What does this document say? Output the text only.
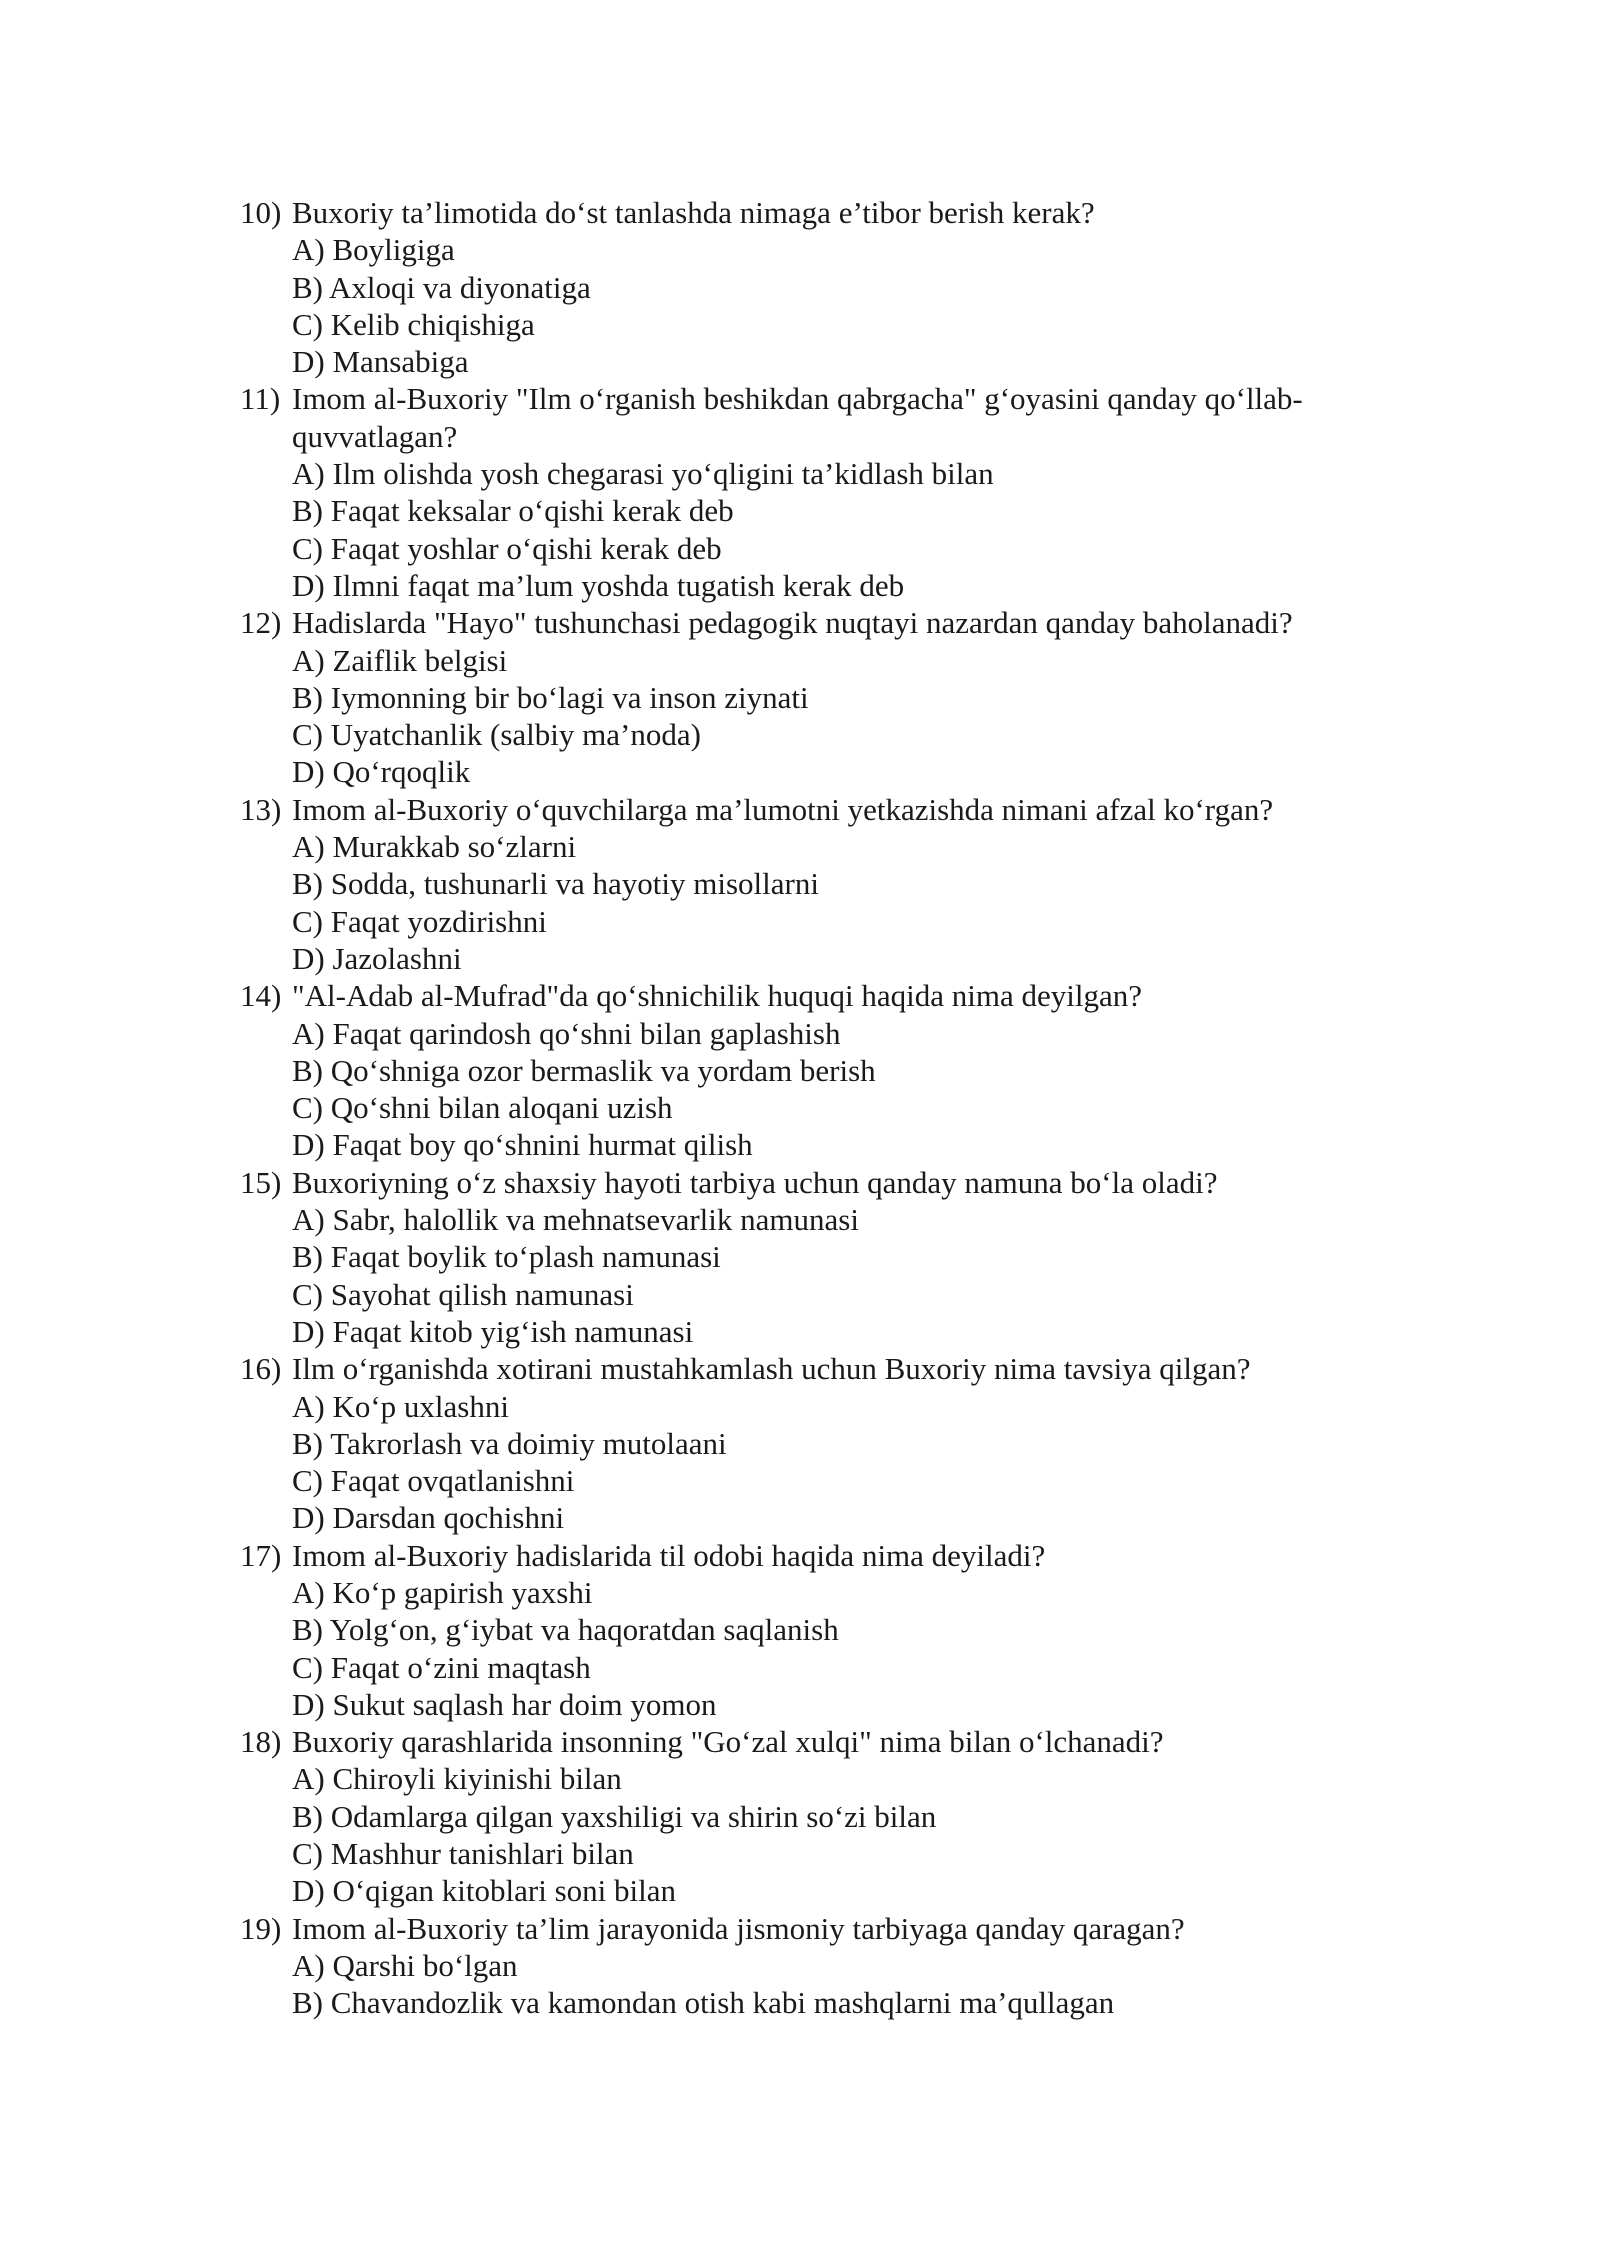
10) Buxoriy ta’limotida do‘st tanlashda nimaga e’tibor berish kerak?
A) Boyligiga
B) Axloqi va diyonatiga
C) Kelib chiqishiga
D) Mansabiga
11) Imom al-Buxoriy "Ilm o‘rganish beshikdan qabrgacha" g‘oyasini qanday qo‘llab-quvvatlagan?
A) Ilm olishda yosh chegarasi yo‘qligini ta’kidlash bilan
B) Faqat keksalar o‘qishi kerak deb
C) Faqat yoshlar o‘qishi kerak deb
D) Ilmni faqat ma’lum yoshda tugatish kerak deb
12) Hadislarda "Hayo" tushunchasi pedagogik nuqtayi nazardan qanday baholanadi?
A) Zaiflik belgisi
B) Iymonning bir bo‘lagi va inson ziynati
C) Uyatchanlik (salbiy ma’noda)
D) Qo‘rqoqlik
13) Imom al-Buxoriy o‘quvchilarga ma’lumotni yetkazishda nimani afzal ko‘rgan?
A) Murakkab so‘zlarni
B) Sodda, tushunarli va hayotiy misollarni
C) Faqat yozdirishni
D) Jazolashni
14) "Al-Adab al-Mufrad"da qo‘shnichilik huquqi haqida nima deyilgan?
A) Faqat qarindosh qo‘shni bilan gaplashish
B) Qo‘shniga ozor bermaslik va yordam berish
C) Qo‘shni bilan aloqani uzish
D) Faqat boy qo‘shnini hurmat qilish
15) Buxoriyning o‘z shaxsiy hayoti tarbiya uchun qanday namuna bo‘la oladi?
A) Sabr, halollik va mehnatsevarlik namunasi
B) Faqat boylik to‘plash namunasi
C) Sayohat qilish namunasi
D) Faqat kitob yig‘ish namunasi
16) Ilm o‘rganishda xotirani mustahkamlash uchun Buxoriy nima tavsiya qilgan?
A) Ko‘p uxlashni
B) Takrorlash va doimiy mutolaani
C) Faqat ovqatlanishni
D) Darsdan qochishni
17) Imom al-Buxoriy hadislarida til odobi haqida nima deyiladi?
A) Ko‘p gapirish yaxshi
B) Yolg‘on, g‘iybat va haqoratdan saqlanish
C) Faqat o‘zini maqtash
D) Sukut saqlash har doim yomon
18) Buxoriy qarashlarida insonning "Go‘zal xulqi" nima bilan o‘lchanadi?
A) Chiroyli kiyinishi bilan
B) Odamlarga qilgan yaxshiligi va shirin so‘zi bilan
C) Mashhur tanishlari bilan
D) O‘qigan kitoblari soni bilan
19) Imom al-Buxoriy ta’lim jarayonida jismoniy tarbiyaga qanday qaragan?
A) Qarshi bo‘lgan
B) Chavandozlik va kamondan otish kabi mashqlarni ma’qullagan
